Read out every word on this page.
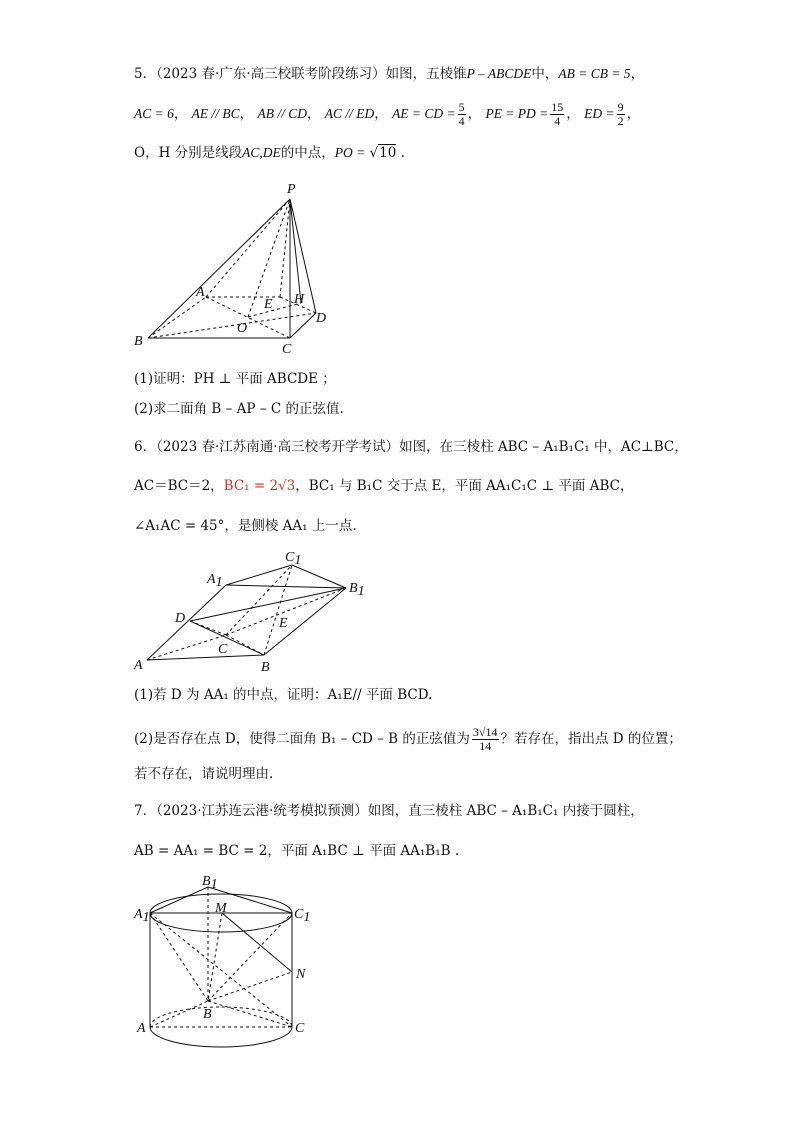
5．（2023 春·广东·高三校联考阶段练习）如图，五棱锥P – ABCDE中，AB = CB = 5，
AC = 6， AE // BC， AB // CD， AC // ED， AE = CD = $\frac{5}{4}$ ， PE = PD = $\frac{15}{4}$ ， ED = $\frac{9}{2}$ ，
O，H 分别是线段AC,DE的中点，PO = √10 .
P
A
B
C
D
E H
O
(1)证明：PH ⊥ 平面 ABCDE ；
(2)求二面角 B – AP – C 的正弦值.
6．（2023 春·江苏南通·高三校考开学考试）如图，在三棱柱 ABC – A₁B₁C₁ 中，AC⊥BC，
AC＝BC＝2，BC₁ = 2√3，BC₁ 与 B₁C 交于点 E，平面 AA₁C₁C ⊥ 平面 ABC，
∠A₁AC = 45°，是侧棱 AA₁ 上一点.
C1
A1	B1
D	E
C
A	B
(1)若 D 为 AA₁ 的中点，证明：A₁E// 平面 BCD.
(2)是否存在点 D，使得二面角 B₁ – CD – B 的正弦值为 $\frac{3√14}{14}$ ？若存在，指出点 D 的位置；
若不存在，请说明理由.
7．（2023·江苏连云港·统考模拟预测）如图，直三棱柱 ABC – A₁B₁C₁ 内接于圆柱，
AB = AA₁ = BC = 2，平面 A₁BC ⊥ 平面 AA₁B₁B .
B1
A1	C1
M
N
B
A	C
